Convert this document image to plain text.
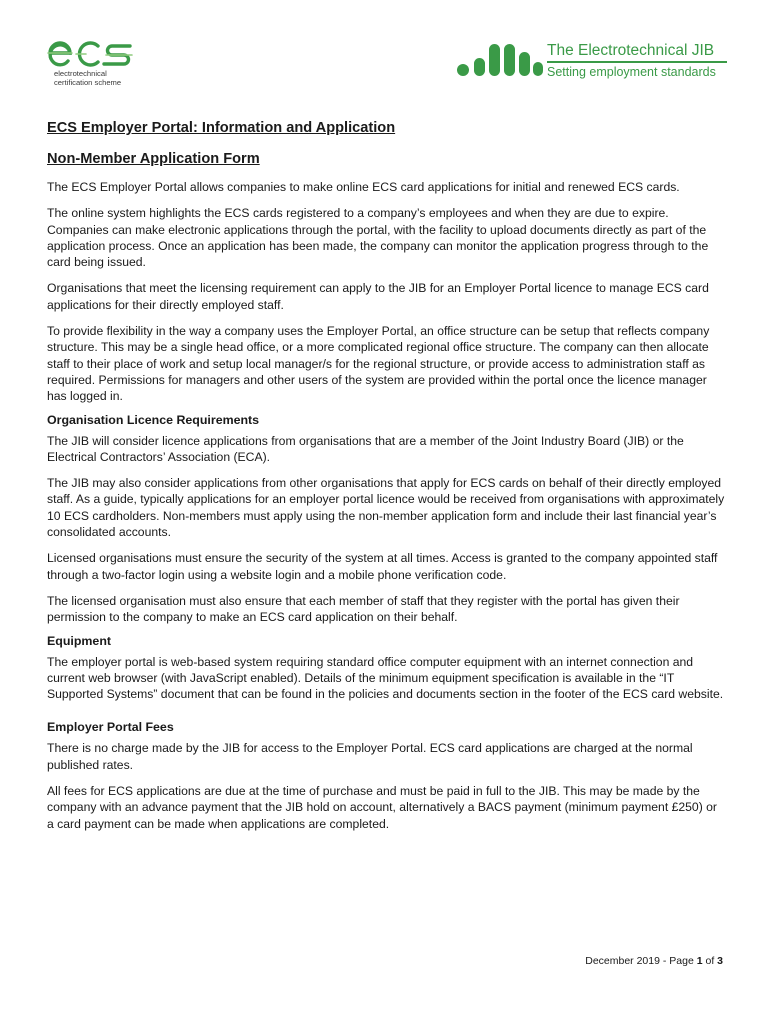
electrotechnical
certification scheme
The Electrotechnical JIB
Setting employment standards
ECS Employer Portal: Information and Application
Non-Member Application Form

The ECS Employer Portal allows companies to make online ECS card applications for initial and renewed ECS cards.

The online system highlights the ECS cards registered to a company’s employees and when they are due to expire. Companies can make electronic applications through the portal, with the facility to upload documents directly as part of the application process. Once an application has been made, the company can monitor the application progress through to the card being issued.

Organisations that meet the licensing requirement can apply to the JIB for an Employer Portal licence to manage ECS card applications for their directly employed staff.

To provide flexibility in the way a company uses the Employer Portal, an office structure can be setup that reflects company structure. This may be a single head office, or a more complicated regional office structure. The company can then allocate staff to their place of work and setup local manager/s for the regional structure, or provide access to administration staff as required. Permissions for managers and other users of the system are provided within the portal once the licence manager has logged in.

Organisation Licence Requirements

The JIB will consider licence applications from organisations that are a member of the Joint Industry Board (JIB) or the Electrical Contractors’ Association (ECA).

The JIB may also consider applications from other organisations that apply for ECS cards on behalf of their directly employed staff. As a guide, typically applications for an employer portal licence would be received from organisations with approximately 10 ECS cardholders. Non-members must apply using the non-member application form and include their last financial year’s consolidated accounts.

Licensed organisations must ensure the security of the system at all times. Access is granted to the company appointed staff through a two-factor login using a website login and a mobile phone verification code.

The licensed organisation must also ensure that each member of staff that they register with the portal has given their permission to the company to make an ECS card application on their behalf.

Equipment

The employer portal is web-based system requiring standard office computer equipment with an internet connection and current web browser (with JavaScript enabled). Details of the minimum equipment specification is available in the “IT Supported Systems” document that can be found in the policies and documents section in the footer of the ECS card website.

Employer Portal Fees

There is no charge made by the JIB for access to the Employer Portal. ECS card applications are charged at the normal published rates.

All fees for ECS applications are due at the time of purchase and must be paid in full to the JIB. This may be made by the company with an advance payment that the JIB hold on account, alternatively a BACS payment (minimum payment £250) or a card payment can be made when applications are completed.

December 2019 - Page 1 of 3
